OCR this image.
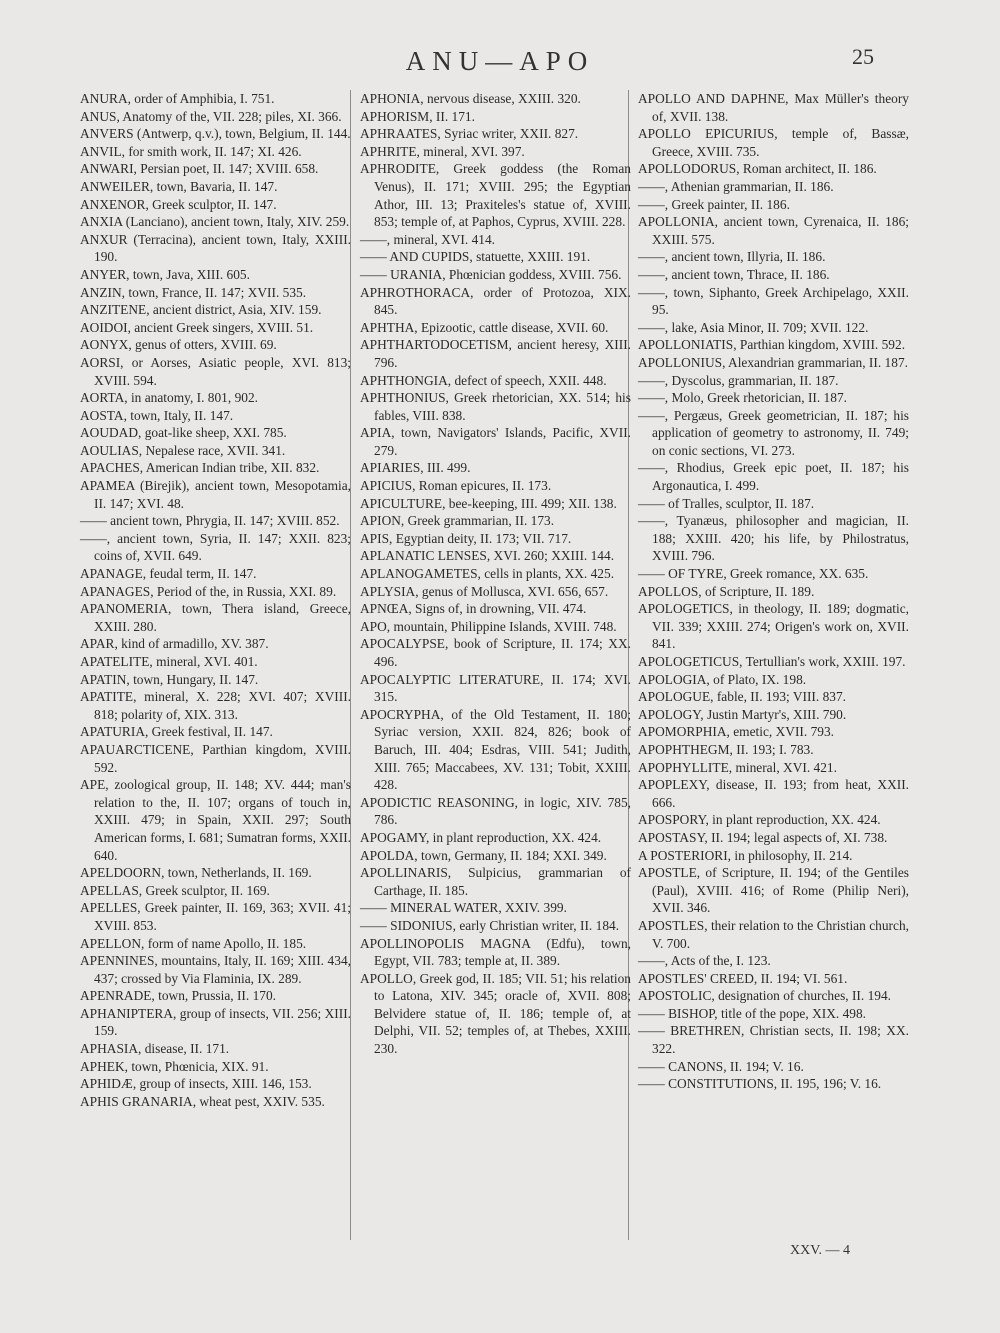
ANU—APO	25
ANURA, order of Amphibia, I. 751.
ANUS, Anatomy of the, VII. 228; piles, XI. 366.
ANVERS (Antwerp, q.v.), town, Belgium, II. 144.
ANVIL, for smith work, II. 147; XI. 426.
ANWARI, Persian poet, II. 147; XVIII. 658.
ANWEILER, town, Bavaria, II. 147.
ANXENOR, Greek sculptor, II. 147.
ANXIA (Lanciano), ancient town, Italy, XIV. 259.
ANXUR (Terracina), ancient town, Italy, XXIII. 190.
ANYER, town, Java, XIII. 605.
ANZIN, town, France, II. 147; XVII. 535.
ANZITENE, ancient district, Asia, XIV. 159.
AOIDOI, ancient Greek singers, XVIII. 51.
AONYX, genus of otters, XVIII. 69.
AORSI, or Aorses, Asiatic people, XVI. 813; XVIII. 594.
AORTA, in anatomy, I. 801, 902.
AOSTA, town, Italy, II. 147.
AOUDAD, goat-like sheep, XXI. 785.
AOULIAS, Nepalese race, XVII. 341.
APACHES, American Indian tribe, XII. 832.
APAMEA (Birejik), ancient town, Mesopotamia, II. 147; XVI. 48.
—— ancient town, Phrygia, II. 147; XVIII. 852.
——, ancient town, Syria, II. 147; XXII. 823; coins of, XVII. 649.
APANAGE, feudal term, II. 147.
APANAGES, Period of the, in Russia, XXI. 89.
APANOMERIA, town, Thera island, Greece, XXIII. 280.
APAR, kind of armadillo, XV. 387.
APATELITE, mineral, XVI. 401.
APATIN, town, Hungary, II. 147.
APATITE, mineral, X. 228; XVI. 407; XVIII. 818; polarity of, XIX. 313.
APATURIA, Greek festival, II. 147.
APAUARCTICENE, Parthian kingdom, XVIII. 592.
APE, zoological group, II. 148; XV. 444; man's relation to the, II. 107; organs of touch in, XXIII. 479; in Spain, XXII. 297; South American forms, I. 681; Sumatran forms, XXII. 640.
APELDOORN, town, Netherlands, II. 169.
APELLAS, Greek sculptor, II. 169.
APELLES, Greek painter, II. 169, 363; XVII. 41; XVIII. 853.
APELLON, form of name Apollo, II. 185.
APENNINES, mountains, Italy, II. 169; XIII. 434, 437; crossed by Via Flaminia, IX. 289.
APENRADE, town, Prussia, II. 170.
APHANIPTERA, group of insects, VII. 256; XIII. 159.
APHASIA, disease, II. 171.
APHEK, town, Phœnicia, XIX. 91.
APHIDÆ, group of insects, XIII. 146, 153.
APHIS GRANARIA, wheat pest, XXIV. 535.
APHONIA, nervous disease, XXIII. 320.
APHORISM, II. 171.
APHRAATES, Syriac writer, XXII. 827.
APHRITE, mineral, XVI. 397.
APHRODITE, Greek goddess (the Roman Venus), II. 171; XVIII. 295; the Egyptian Athor, III. 13; Praxiteles's statue of, XVIII. 853; temple of, at Paphos, Cyprus, XVIII. 228.
——, mineral, XVI. 414.
—— AND CUPIDS, statuette, XXIII. 191.
—— URANIA, Phœnician goddess, XVIII. 756.
APHROTHORACA, order of Protozoa, XIX. 845.
APHTHA, Epizootic, cattle disease, XVII. 60.
APHTHARTODOCETISM, ancient heresy, XIII. 796.
APHTHONGIA, defect of speech, XXII. 448.
APHTHONIUS, Greek rhetorician, XX. 514; his fables, VIII. 838.
APIA, town, Navigators' Islands, Pacific, XVII. 279.
APIARIES, III. 499.
APICIUS, Roman epicures, II. 173.
APICULTURE, bee-keeping, III. 499; XII. 138.
APION, Greek grammarian, II. 173.
APIS, Egyptian deity, II. 173; VII. 717.
APLANATIC LENSES, XVI. 260; XXIII. 144.
APLANOGAMETES, cells in plants, XX. 425.
APLYSIA, genus of Mollusca, XVI. 656, 657.
APNŒA, Signs of, in drowning, VII. 474.
APO, mountain, Philippine Islands, XVIII. 748.
APOCALYPSE, book of Scripture, II. 174; XX. 496.
APOCALYPTIC LITERATURE, II. 174; XVI. 315.
APOCRYPHA, of the Old Testament, II. 180; Syriac version, XXII. 824, 826; book of Baruch, III. 404; Esdras, VIII. 541; Judith, XIII. 765; Maccabees, XV. 131; Tobit, XXIII. 428.
APODICTIC REASONING, in logic, XIV. 785, 786.
APOGAMY, in plant reproduction, XX. 424.
APOLDA, town, Germany, II. 184; XXI. 349.
APOLLINARIS, Sulpicius, grammarian of Carthage, II. 185.
—— MINERAL WATER, XXIV. 399.
—— SIDONIUS, early Christian writer, II. 184.
APOLLINOPOLIS MAGNA (Edfu), town, Egypt, VII. 783; temple at, II. 389.
APOLLO, Greek god, II. 185; VII. 51; his relation to Latona, XIV. 345; oracle of, XVII. 808; Belvidere statue of, II. 186; temple of, at Delphi, VII. 52; temples of, at Thebes, XXIII. 230.
APOLLO AND DAPHNE, Max Müller's theory of, XVII. 138.
APOLLO EPICURIUS, temple of, Bassæ, Greece, XVIII. 735.
APOLLODORUS, Roman architect, II. 186.
——, Athenian grammarian, II. 186.
——, Greek painter, II. 186.
APOLLONIA, ancient town, Cyrenaica, II. 186; XXIII. 575.
——, ancient town, Illyria, II. 186.
——, ancient town, Thrace, II. 186.
——, town, Siphanto, Greek Archipelago, XXII. 95.
——, lake, Asia Minor, II. 709; XVII. 122.
APOLLONIATIS, Parthian kingdom, XVIII. 592.
APOLLONIUS, Alexandrian grammarian, II. 187.
——, Dyscolus, grammarian, II. 187.
——, Molo, Greek rhetorician, II. 187.
——, Pergæus, Greek geometrician, II. 187; his application of geometry to astronomy, II. 749; on conic sections, VI. 273.
——, Rhodius, Greek epic poet, II. 187; his Argonautica, I. 499.
—— of Tralles, sculptor, II. 187.
——, Tyanæus, philosopher and magician, II. 188; XXIII. 420; his life, by Philostratus, XVIII. 796.
—— OF TYRE, Greek romance, XX. 635.
APOLLOS, of Scripture, II. 189.
APOLOGETICS, in theology, II. 189; dogmatic, VII. 339; XXIII. 274; Origen's work on, XVII. 841.
APOLOGETICUS, Tertullian's work, XXIII. 197.
APOLOGIA, of Plato, IX. 198.
APOLOGUE, fable, II. 193; VIII. 837.
APOLOGY, Justin Martyr's, XIII. 790.
APOMORPHIA, emetic, XVII. 793.
APOPHTHEGM, II. 193; I. 783.
APOPHYLLITE, mineral, XVI. 421.
APOPLEXY, disease, II. 193; from heat, XXII. 666.
APOSPORY, in plant reproduction, XX. 424.
APOSTASY, II. 194; legal aspects of, XI. 738.
A POSTERIORI, in philosophy, II. 214.
APOSTLE, of Scripture, II. 194; of the Gentiles (Paul), XVIII. 416; of Rome (Philip Neri), XVII. 346.
APOSTLES, their relation to the Christian church, V. 700.
——, Acts of the, I. 123.
APOSTLES' CREED, II. 194; VI. 561.
APOSTOLIC, designation of churches, II. 194.
—— BISHOP, title of the pope, XIX. 498.
—— BRETHREN, Christian sects, II. 198; XX. 322.
—— CANONS, II. 194; V. 16.
—— CONSTITUTIONS, II. 195, 196; V. 16.
XXV. — 4
